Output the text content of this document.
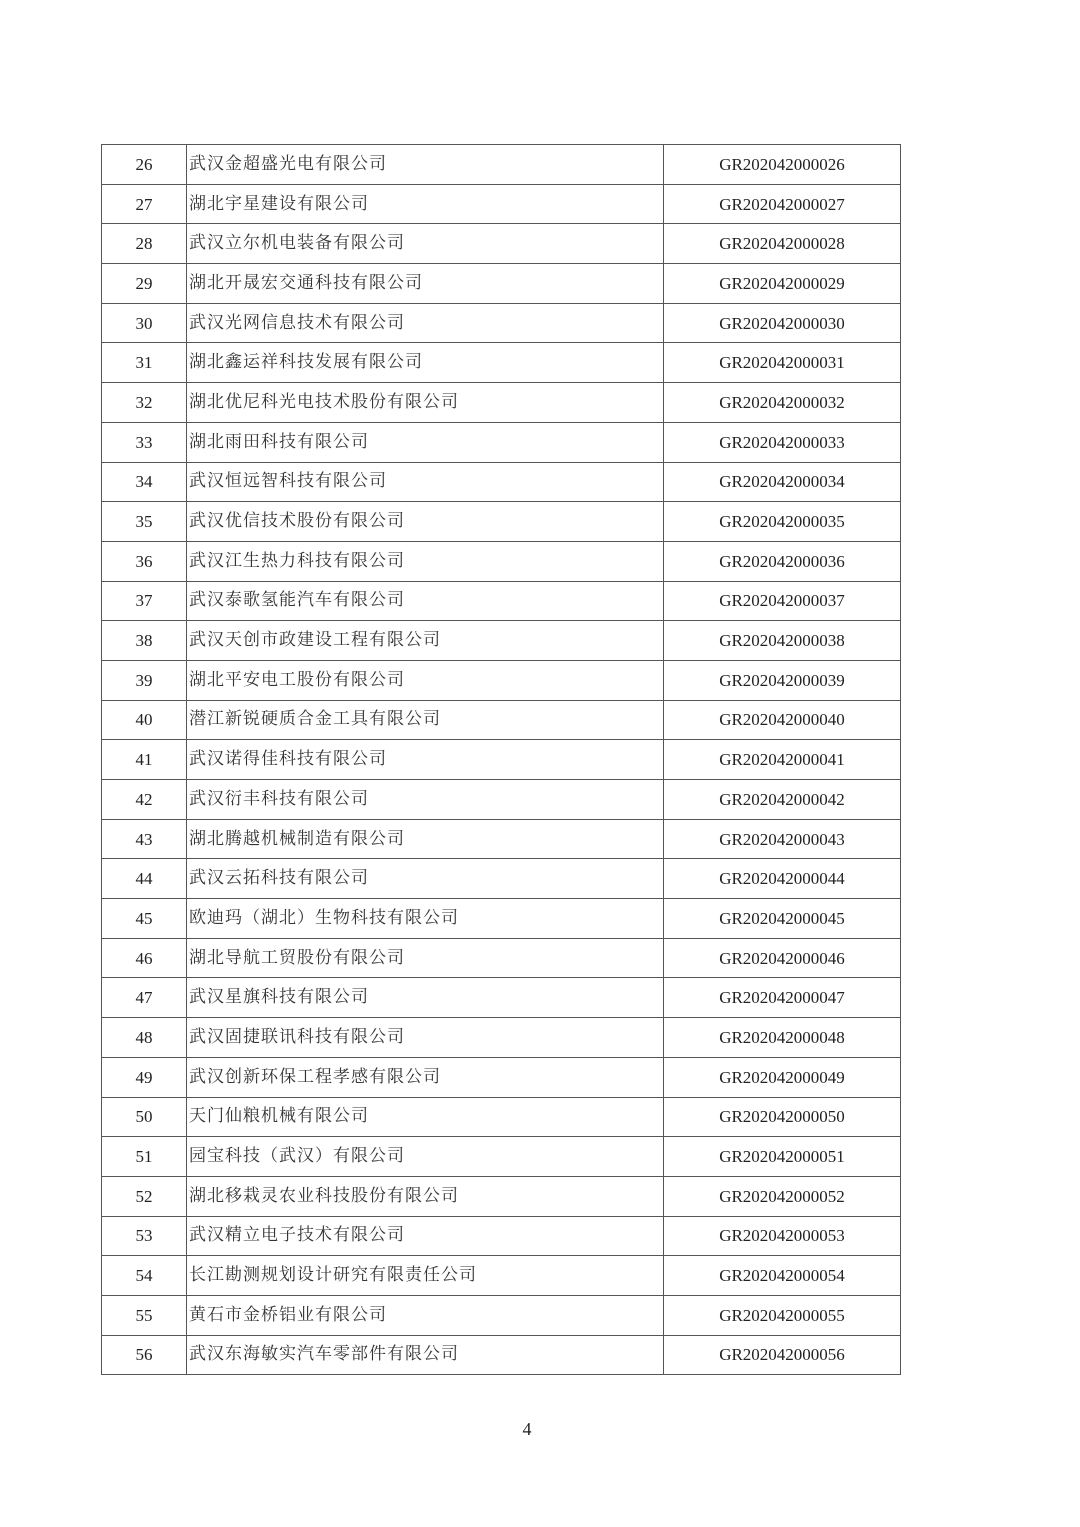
26	武汉金超盛光电有限公司	GR202042000026
27	湖北宇星建设有限公司	GR202042000027
28	武汉立尔机电装备有限公司	GR202042000028
29	湖北开晟宏交通科技有限公司	GR202042000029
30	武汉光网信息技术有限公司	GR202042000030
31	湖北鑫运祥科技发展有限公司	GR202042000031
32	湖北优尼科光电技术股份有限公司	GR202042000032
33	湖北雨田科技有限公司	GR202042000033
34	武汉恒远智科技有限公司	GR202042000034
35	武汉优信技术股份有限公司	GR202042000035
36	武汉江生热力科技有限公司	GR202042000036
37	武汉泰歌氢能汽车有限公司	GR202042000037
38	武汉天创市政建设工程有限公司	GR202042000038
39	湖北平安电工股份有限公司	GR202042000039
40	潜江新锐硬质合金工具有限公司	GR202042000040
41	武汉诺得佳科技有限公司	GR202042000041
42	武汉衍丰科技有限公司	GR202042000042
43	湖北腾越机械制造有限公司	GR202042000043
44	武汉云拓科技有限公司	GR202042000044
45	欧迪玛（湖北）生物科技有限公司	GR202042000045
46	湖北导航工贸股份有限公司	GR202042000046
47	武汉星旗科技有限公司	GR202042000047
48	武汉固捷联讯科技有限公司	GR202042000048
49	武汉创新环保工程孝感有限公司	GR202042000049
50	天门仙粮机械有限公司	GR202042000050
51	园宝科技（武汉）有限公司	GR202042000051
52	湖北移栽灵农业科技股份有限公司	GR202042000052
53	武汉精立电子技术有限公司	GR202042000053
54	长江勘测规划设计研究有限责任公司	GR202042000054
55	黄石市金桥铝业有限公司	GR202042000055
56	武汉东海敏实汽车零部件有限公司	GR202042000056
4
